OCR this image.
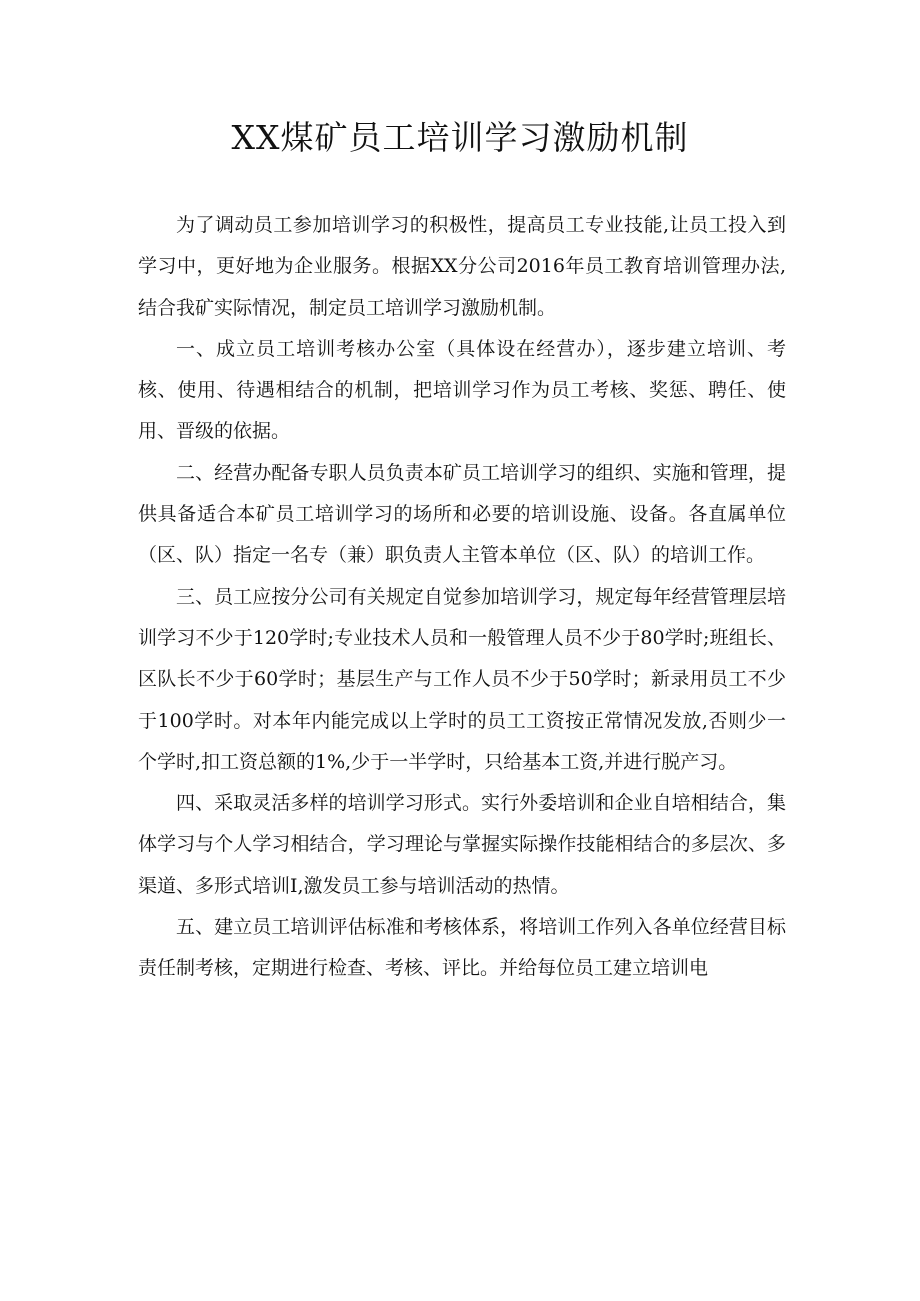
XX煤矿员工培训学习激励机制

为了调动员工参加培训学习的积极性，提高员工专业技能,让员工投入到学习中，更好地为企业服务。根据XX分公司2016年员工教育培训管理办法,结合我矿实际情况，制定员工培训学习激励机制。

一、成立员工培训考核办公室（具体设在经营办），逐步建立培训、考核、使用、待遇相结合的机制，把培训学习作为员工考核、奖惩、聘任、使用、晋级的依据。

二、经营办配备专职人员负责本矿员工培训学习的组织、实施和管理，提供具备适合本矿员工培训学习的场所和必要的培训设施、设备。各直属单位（区、队）指定一名专（兼）职负责人主管本单位（区、队）的培训工作。

三、员工应按分公司有关规定自觉参加培训学习，规定每年经营管理层培训学习不少于120学时;专业技术人员和一般管理人员不少于80学时;班组长、区队长不少于60学时；基层生产与工作人员不少于50学时；新录用员工不少于100学时。对本年内能完成以上学时的员工工资按正常情况发放,否则少一个学时,扣工资总额的1%,少于一半学时，只给基本工资,并进行脱产习。

四、采取灵活多样的培训学习形式。实行外委培训和企业自培相结合，集体学习与个人学习相结合，学习理论与掌握实际操作技能相结合的多层次、多渠道、多形式培训I,激发员工参与培训活动的热情。

五、建立员工培训评估标准和考核体系，将培训工作列入各单位经营目标责任制考核，定期进行检查、考核、评比。并给每位员工建立培训电
